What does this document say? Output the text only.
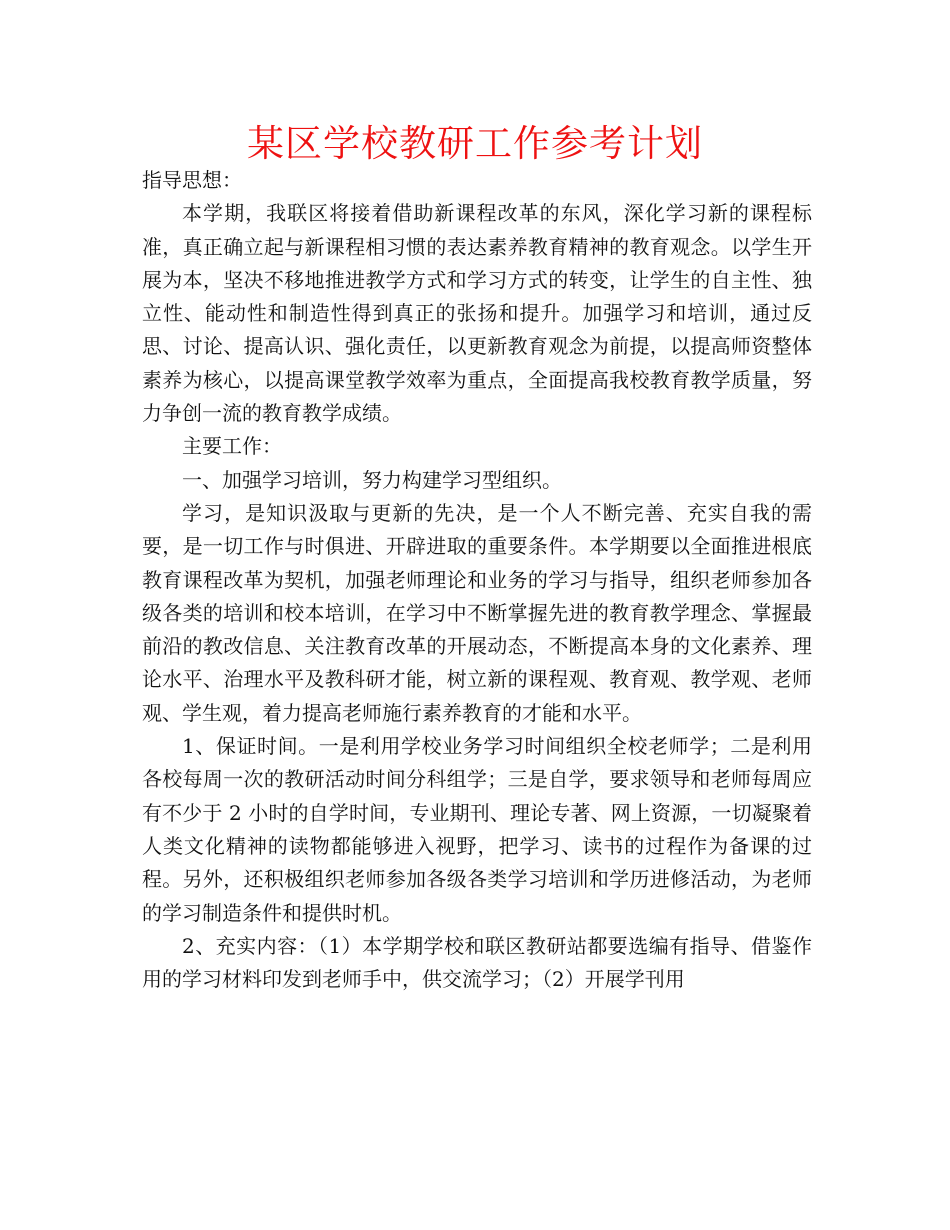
某区学校教研工作参考计划

指导思想：

本学期，我联区将接着借助新课程改革的东风，深化学习新的课程标准，真正确立起与新课程相习惯的表达素养教育精神的教育观念。以学生开展为本，坚决不移地推进教学方式和学习方式的转变，让学生的自主性、独立性、能动性和制造性得到真正的张扬和提升。加强学习和培训，通过反思、讨论、提高认识、强化责任，以更新教育观念为前提，以提高师资整体素养为核心，以提高课堂教学效率为重点，全面提高我校教育教学质量，努力争创一流的教育教学成绩。

主要工作：

一、加强学习培训，努力构建学习型组织。

学习，是知识汲取与更新的先决，是一个人不断完善、充实自我的需要，是一切工作与时俱进、开辟进取的重要条件。本学期要以全面推进根底教育课程改革为契机，加强老师理论和业务的学习与指导，组织老师参加各级各类的培训和校本培训，在学习中不断掌握先进的教育教学理念、掌握最前沿的教改信息、关注教育改革的开展动态，不断提高本身的文化素养、理论水平、治理水平及教科研才能，树立新的课程观、教育观、教学观、老师观、学生观，着力提高老师施行素养教育的才能和水平。

1、保证时间。一是利用学校业务学习时间组织全校老师学；二是利用各校每周一次的教研活动时间分科组学；三是自学，要求领导和老师每周应有不少于 2 小时的自学时间，专业期刊、理论专著、网上资源，一切凝聚着人类文化精神的读物都能够进入视野，把学习、读书的过程作为备课的过程。另外，还积极组织老师参加各级各类学习培训和学历进修活动，为老师的学习制造条件和提供时机。

2、充实内容：（1）本学期学校和联区教研站都要选编有指导、借鉴作用的学习材料印发到老师手中，供交流学习；（2）开展学刊用
